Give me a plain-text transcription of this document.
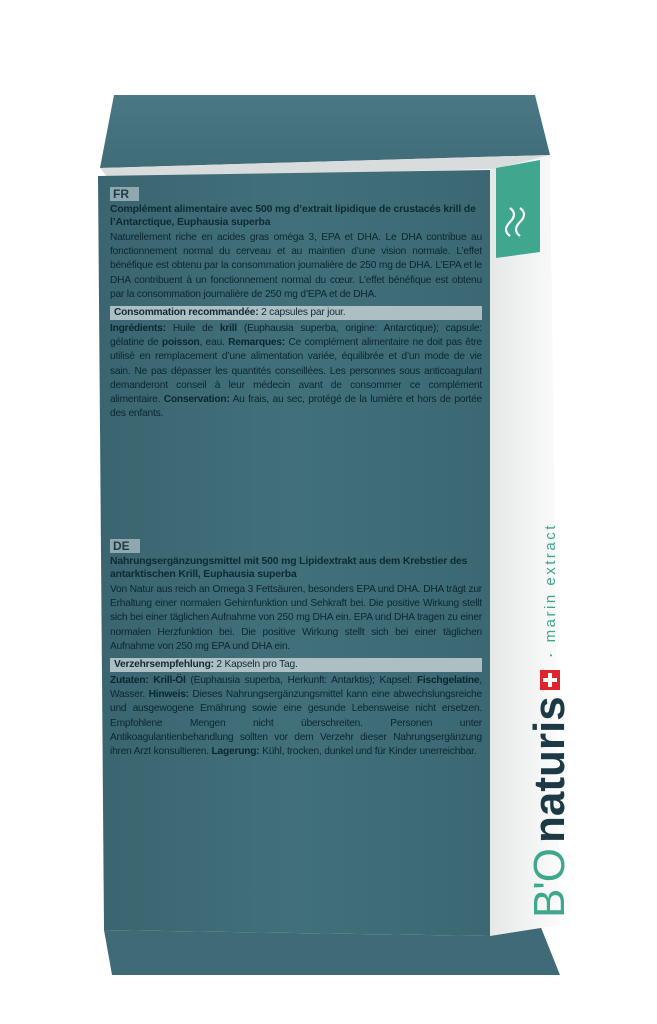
FR

Complément alimentaire avec 500 mg d’extrait lipidique de crustacés krill de l’Antarctique, Euphausia superba

Naturellement riche en acides gras oméga 3, EPA et DHA. Le DHA contribue au fonctionnement normal du cerveau et au maintien d’une vision normale. L’effet bénéfique est obtenu par la consommation journalière de 250 mg de DHA. L’EPA et le DHA contribuent à un fonctionnement normal du cœur. L’effet bénéfique est obtenu par la consommation journalière de 250 mg d’EPA et de DHA.

Consommation recommandée: 2 capsules par jour.

Ingrédients: Huile de krill (Euphausia superba, origine: Antarctique); capsule: gélatine de poisson, eau. Remarques: Ce complément alimentaire ne doit pas être utilisé en remplacement d’une alimentation variée, équilibrée et d’un mode de vie sain. Ne pas dépasser les quantités conseillées. Les personnes sous anticoagulant demanderont conseil à leur médecin avant de consommer ce complément alimentaire. Conservation: Au frais, au sec, protégé de la lumière et hors de portée des enfants.

DE

Nahrungsergänzungsmittel mit 500 mg Lipidextrakt aus dem Krebstier des antarktischen Krill, Euphausia superba

Von Natur aus reich an Omega 3 Fettsäuren, besonders EPA und DHA. DHA trägt zur Erhaltung einer normalen Gehirnfunktion und Sehkraft bei. Die positive Wirkung stellt sich bei einer täglichen Aufnahme von 250 mg DHA ein. EPA und DHA tragen zu einer normalen Herzfunktion bei. Die positive Wirkung stellt sich bei einer täglichen Aufnahme von 250 mg EPA und DHA ein.

Verzehrsempfehlung: 2 Kapseln pro Tag.

Zutaten: Krill-Öl (Euphausia superba, Herkunft: Antarktis); Kapsel: Fischgelatine, Wasser. Hinweis: Dieses Nahrungsergänzungsmittel kann eine abwechslungsreiche und ausgewogene Ernährung sowie eine gesunde Lebensweise nicht ersetzen. Empfohlene Mengen nicht überschreiten. Personen unter Antikoagulantienbehandlung sollten vor dem Verzehr dieser Nahrungsergänzung ihren Arzt konsultieren. Lagerung: Kühl, trocken, dunkel und für Kinder unerreichbar.

B'O
naturis
·
marin extract
